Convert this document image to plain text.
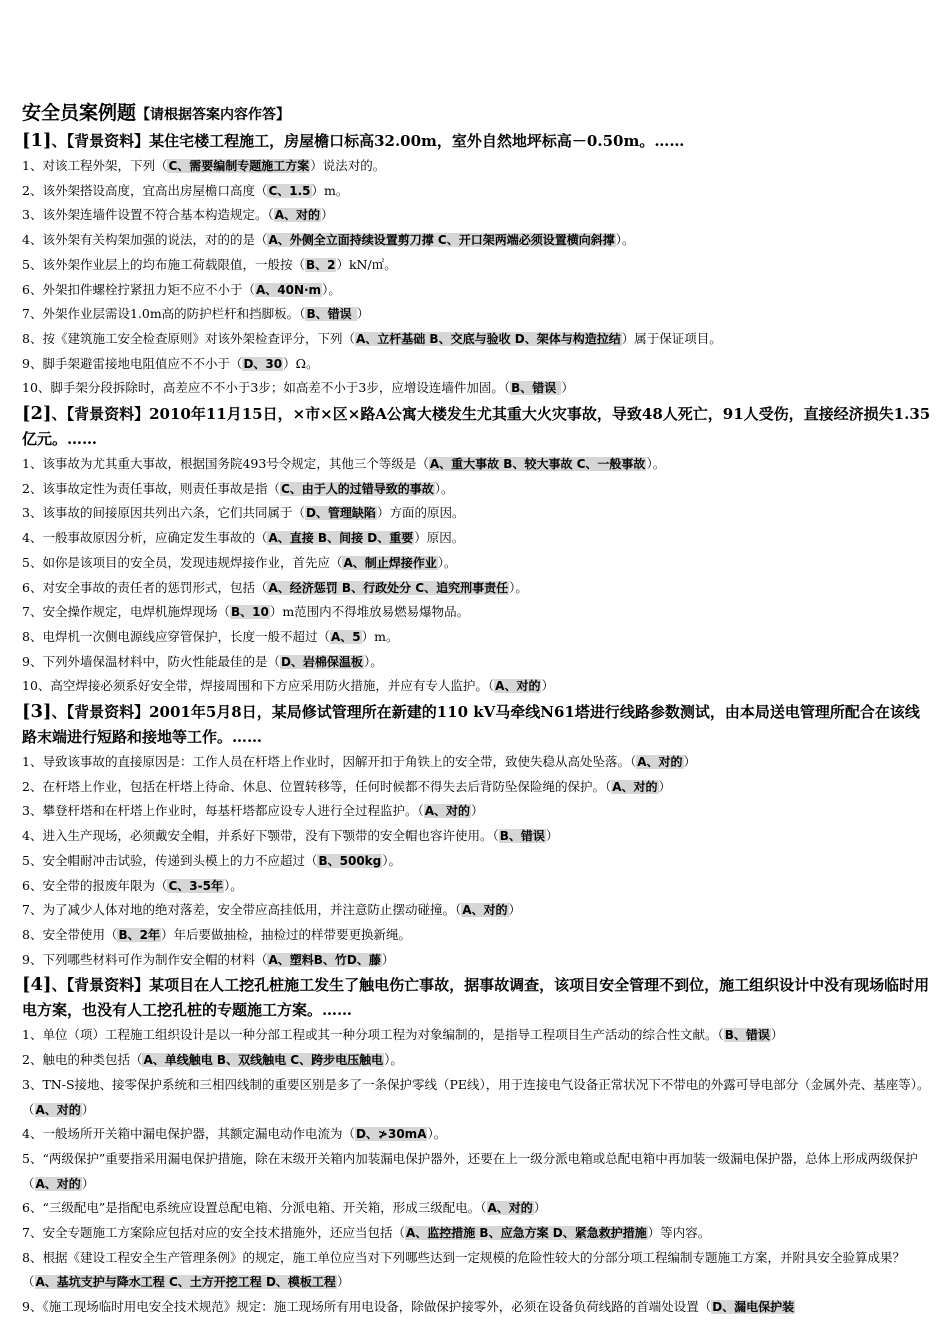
安全员案例题【请根据答案内容作答】
[1]、【背景资料】某住宅楼工程施工，房屋檐口标高32.00m，室外自然地坪标高－0.50m。……
1、对该工程外架，下列（C、需要编制专题施工方案）说法对的。
2、该外架搭设高度，宜高出房屋檐口高度（C、1.5）m。
3、该外架连墙件设置不符合基本构造规定。（A、对的）
4、该外架有关构架加强的说法，对的的是（A、外侧全立面持续设置剪刀撑 C、开口架两端必须设置横向斜撑）。
5、该外架作业层上的均布施工荷载限值，一般按（B、2）kN/㎡。
6、外架扣件螺栓拧紧扭力矩不应不小于（A、40N·m）。
7、外架作业层需设1.0m高的防护栏杆和挡脚板。（B、错误 ）
8、按《建筑施工安全检查原则》对该外架检查评分，下列（A、立杆基础 B、交底与验收 D、架体与构造拉结）属于保证项目。
9、脚手架避雷接地电阻值应不不小于（D、30）Ω。
10、脚手架分段拆除时，高差应不不小于3步；如高差不小于3步，应增设连墙件加固。（B、错误 ）
[2]、【背景资料】2010年11月15日，×市×区×路A公寓大楼发生尤其重大火灾事故，导致48人死亡，91人受伤，直接经济损失1.35亿元。……
1、该事故为尤其重大事故，根据国务院493号令规定，其他三个等级是（A、重大事故 B、较大事故 C、一般事故）。
2、该事故定性为责任事故，则责任事故是指（C、由于人的过错导致的事故）。
3、该事故的间接原因共列出六条，它们共同属于（D、管理缺陷）方面的原因。
4、一般事故原因分析，应确定发生事故的（A、直接 B、间接 D、重要）原因。
5、如你是该项目的安全员，发现违规焊接作业，首先应（A、制止焊接作业）。
6、对安全事故的责任者的惩罚形式，包括（A、经济惩罚 B、行政处分 C、追究刑事责任）。
7、安全操作规定，电焊机施焊现场（B、10）m范围内不得堆放易燃易爆物品。
8、电焊机一次侧电源线应穿管保护，长度一般不超过（A、5）m。
9、下列外墙保温材料中，防火性能最佳的是（D、岩棉保温板）。
10、高空焊接必须系好安全带，焊接周围和下方应采用防火措施，并应有专人监护。（A、对的）
[3]、【背景资料】2001年5月8日，某局修试管理所在新建的110 kV马牵线N61塔进行线路参数测试，由本局送电管理所配合在该线路末端进行短路和接地等工作。……
1、导致该事故的直接原因是：工作人员在杆塔上作业时，因解开扣于角铁上的安全带，致使失稳从高处坠落。（A、对的）
2、在杆塔上作业，包括在杆塔上待命、休息、位置转移等，任何时候都不得失去后背防坠保险绳的保护。（A、对的）
3、攀登杆塔和在杆塔上作业时，每基杆塔都应设专人进行全过程监护。（A、对的）
4、进入生产现场，必须戴安全帽，并系好下颚带，没有下颚带的安全帽也容许使用。（B、错误）
5、安全帽耐冲击试验，传递到头模上的力不应超过（B、500kg）。
6、安全带的报废年限为（C、3-5年）。
7、为了减少人体对地的绝对落差，安全带应高挂低用，并注意防止摆动碰撞。（A、对的）
8、安全带使用（B、2年）年后要做抽检，抽检过的样带要更换新绳。
9、下列哪些材料可作为制作安全帽的材料（A、塑料B、竹D、藤）
[4]、【背景资料】某项目在人工挖孔桩施工发生了触电伤亡事故，据事故调查，该项目安全管理不到位，施工组织设计中没有现场临时用电方案，也没有人工挖孔桩的专题施工方案。……
1、单位（项）工程施工组织设计是以一种分部工程或其一种分项工程为对象编制的，是指导工程项目生产活动的综合性文献。（B、错误）
2、触电的种类包括（A、单线触电 B、双线触电 C、跨步电压触电）。
3、TN-S接地、接零保护系统和三相四线制的重要区别是多了一条保护零线（PE线），用于连接电气设备正常状况下不带电的外露可导电部分（金属外壳、基座等）。（A、对的）
4、一般场所开关箱中漏电保护器，其额定漏电动作电流为（D、≯30mA）。
5、“两级保护”重要指采用漏电保护措施，除在末级开关箱内加装漏电保护器外，还要在上一级分派电箱或总配电箱中再加装一级漏电保护器，总体上形成两级保护（A、对的）
6、“三级配电”是指配电系统应设置总配电箱、分派电箱、开关箱，形成三级配电。（A、对的）
7、安全专题施工方案除应包括对应的安全技术措施外，还应当包括（A、监控措施 B、应急方案 D、紧急救护措施）等内容。
8、根据《建设工程安全生产管理条例》的规定，施工单位应当对下列哪些达到一定规模的危险性较大的分部分项工程编制专题施工方案，并附具安全验算成果？（A、基坑支护与降水工程 C、土方开挖工程 D、模板工程）
9、《施工现场临时用电安全技术规范》规定：施工现场所有用电设备，除做保护接零外，必须在设备负荷线路的首端处设置（D、漏电保护装
